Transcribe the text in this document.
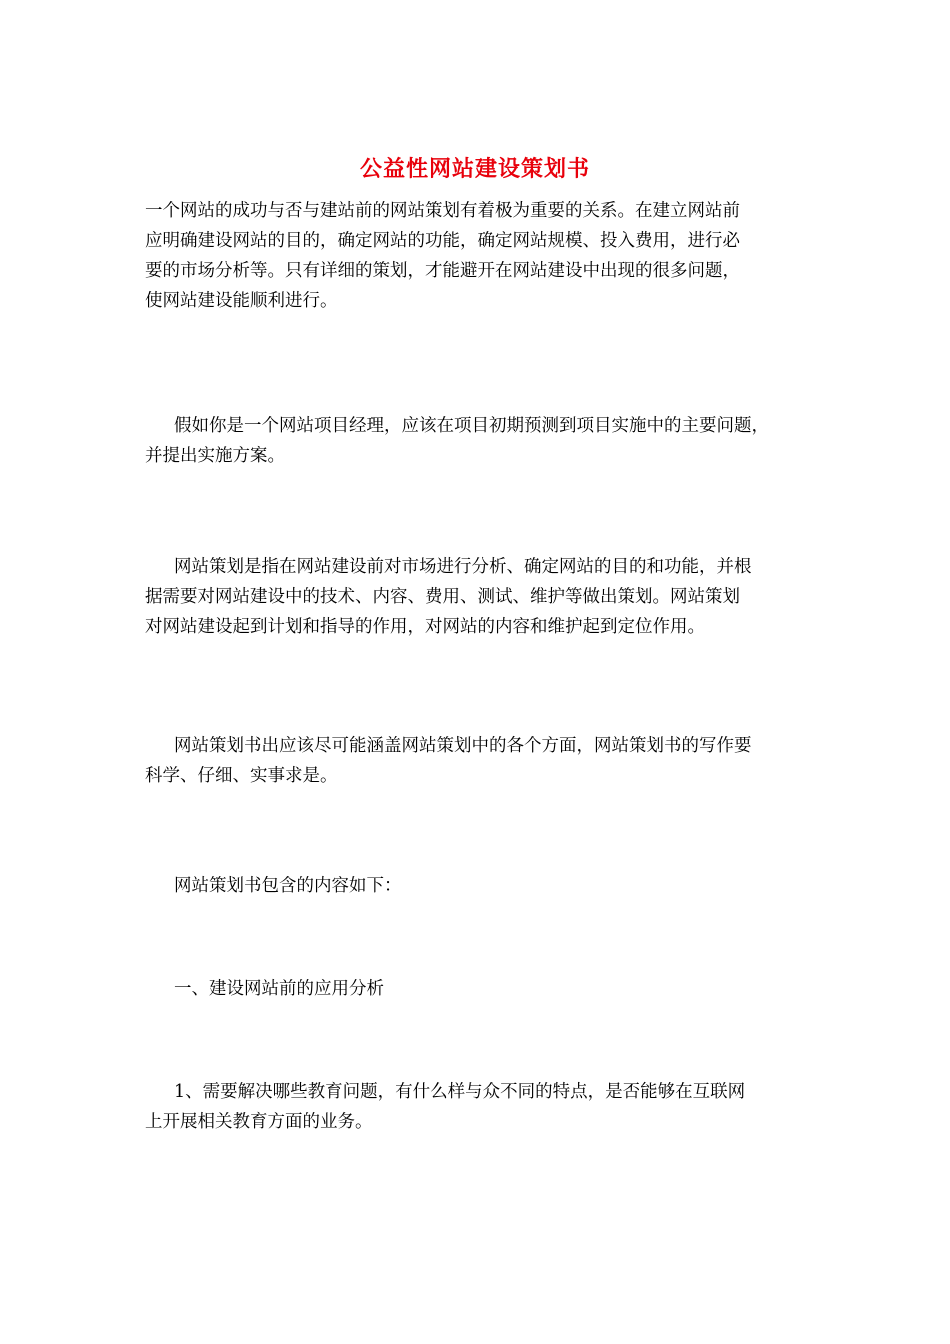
公益性网站建设策划书
一个网站的成功与否与建站前的网站策划有着极为重要的关系。在建立网站前
应明确建设网站的目的，确定网站的功能，确定网站规模、投入费用，进行必
要的市场分析等。只有详细的策划，才能避开在网站建设中出现的很多问题，
使网站建设能顺利进行。
假如你是一个网站项目经理，应该在项目初期预测到项目实施中的主要问题，
并提出实施方案。
网站策划是指在网站建设前对市场进行分析、确定网站的目的和功能，并根
据需要对网站建设中的技术、内容、费用、测试、维护等做出策划。网站策划
对网站建设起到计划和指导的作用，对网站的内容和维护起到定位作用。
网站策划书出应该尽可能涵盖网站策划中的各个方面，网站策划书的写作要
科学、仔细、实事求是。
网站策划书包含的内容如下：
一、建设网站前的应用分析
1、需要解决哪些教育问题，有什么样与众不同的特点，是否能够在互联网
上开展相关教育方面的业务。
